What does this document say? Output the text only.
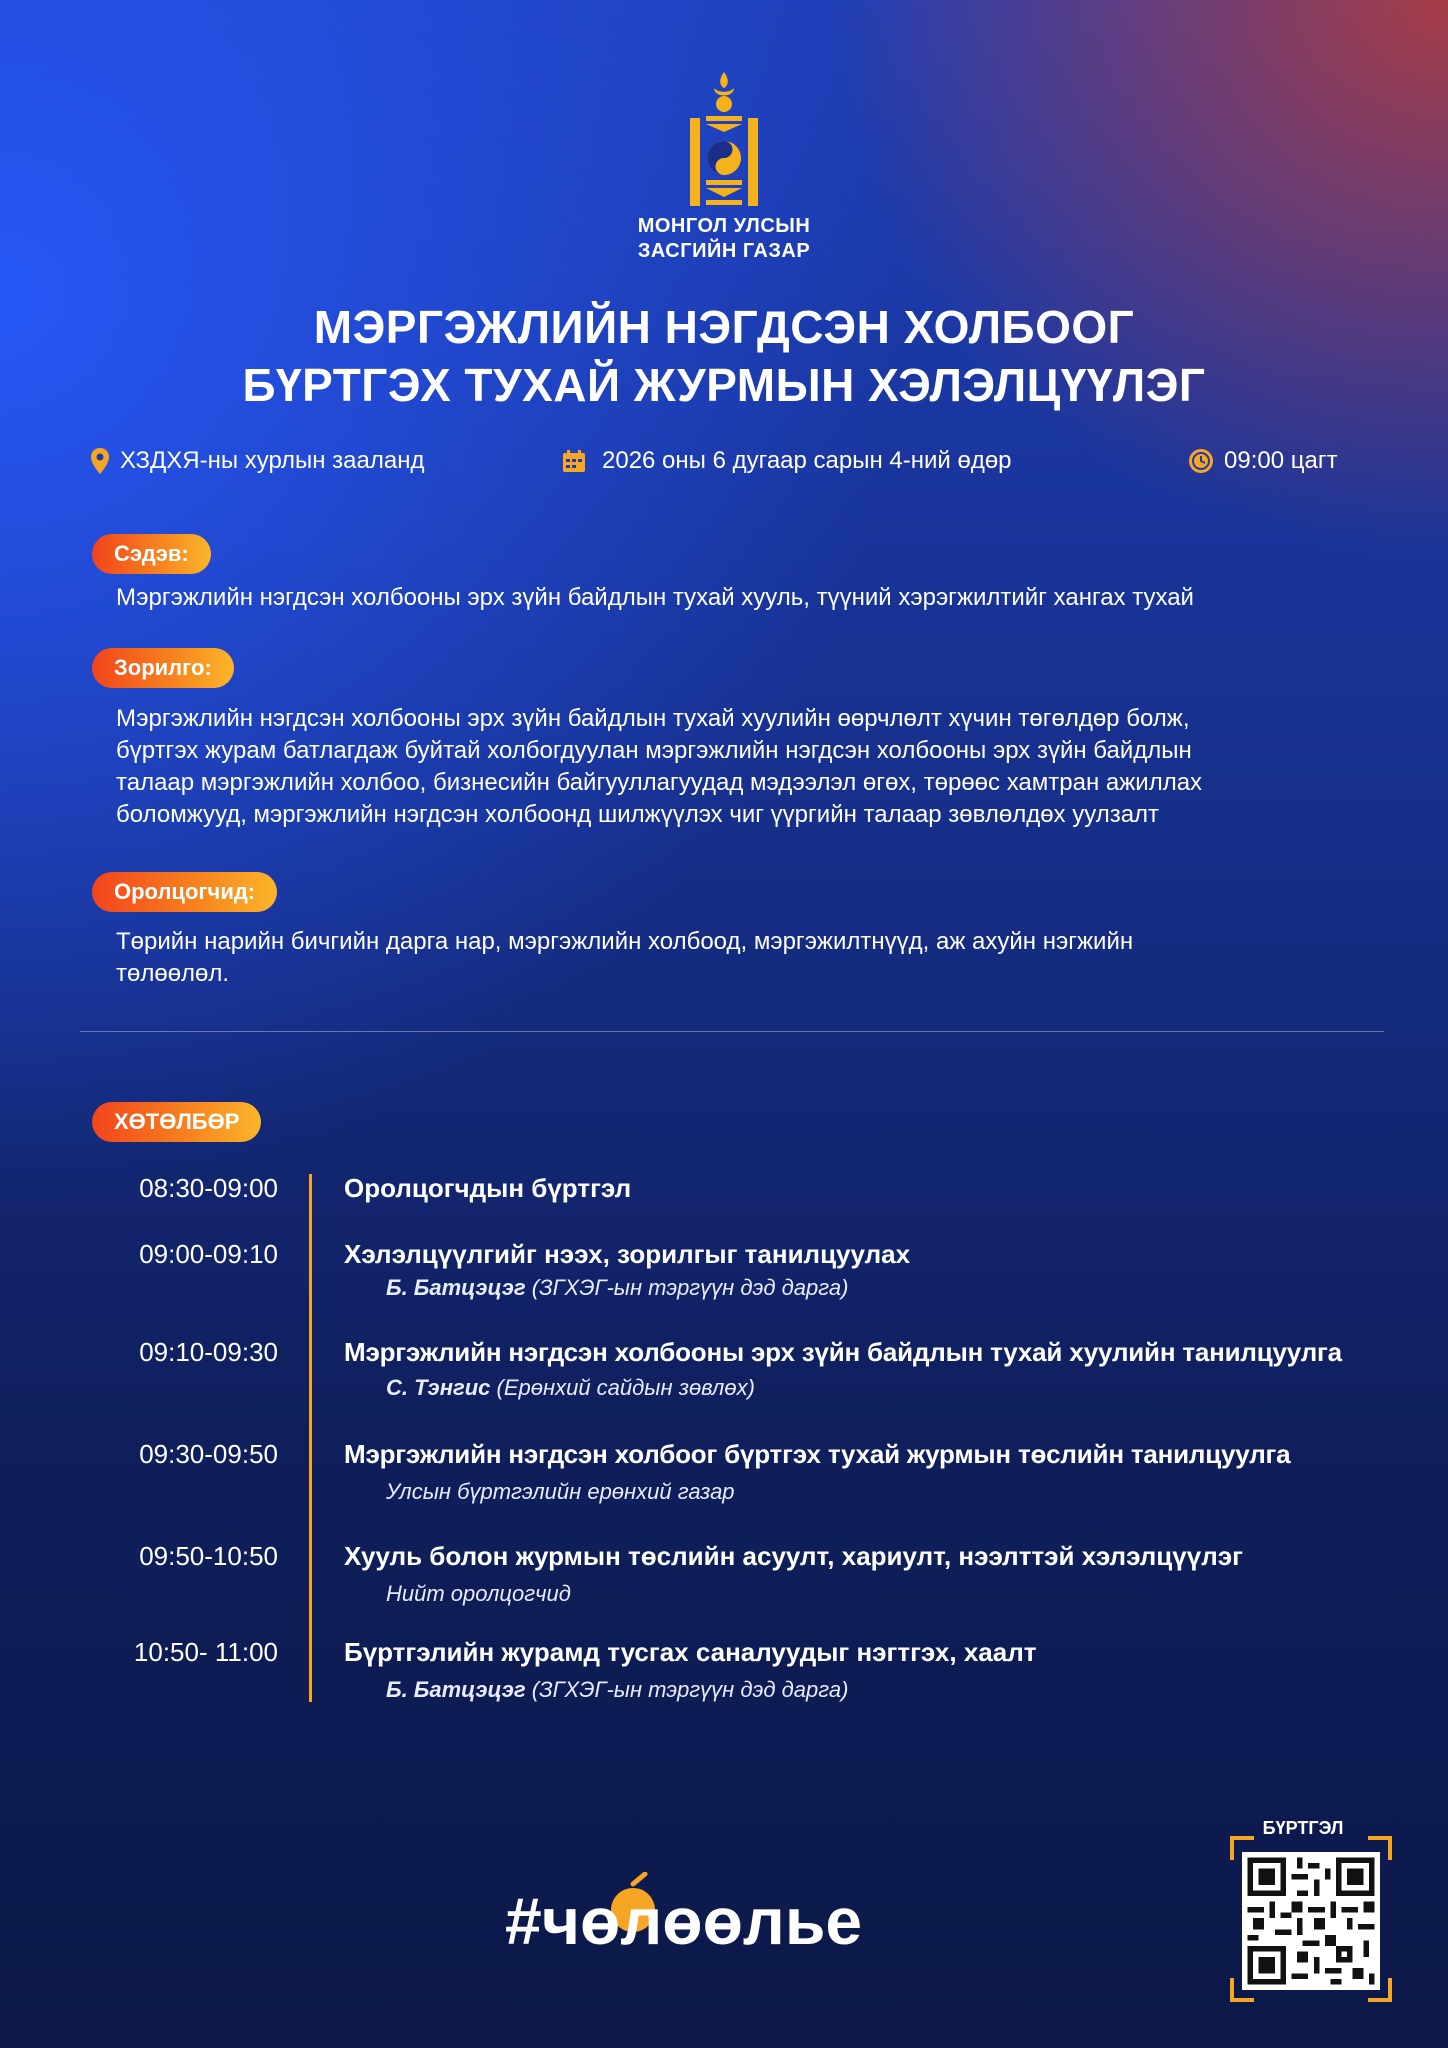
МОНГОЛ УЛСЫН
ЗАСГИЙН ГАЗАР
МЭРГЭЖЛИЙН НЭГДСЭН ХОЛБООГ
БҮРТГЭХ ТУХАЙ ЖУРМЫН ХЭЛЭЛЦҮҮЛЭГ
ХЗДХЯ-ны хурлын зааланд	2026 оны 6 дугаар сарын 4-ний өдөр	09:00 цагт
Сэдэв:
Мэргэжлийн нэгдсэн холбооны эрх зүйн байдлын тухай хууль, түүний хэрэгжилтийг хангах тухай
Зорилго:
Мэргэжлийн нэгдсэн холбооны эрх зүйн байдлын тухай хуулийн өөрчлөлт хүчин төгөлдөр болж,
бүртгэх журам батлагдаж буйтай холбогдуулан мэргэжлийн нэгдсэн холбооны эрх зүйн байдлын
талаар мэргэжлийн холбоо, бизнесийн байгууллагуудад мэдээлэл өгөх, төрөөс хамтран ажиллах
боломжууд, мэргэжлийн нэгдсэн холбоонд шилжүүлэх чиг үүргийн талаар зөвлөлдөх уулзалт
Оролцогчид:
Төрийн нарийн бичгийн дарга нар, мэргэжлийн холбоод, мэргэжилтнүүд, аж ахуйн нэгжийн
төлөөлөл.
ХӨТӨЛБӨР
08:30-09:00	Оролцогчдын бүртгэл
09:00-09:10	Хэлэлцүүлгийг нээх, зорилгыг танилцуулах
Б. Батцэцэг (ЗГХЭГ-ын тэргүүн дэд дарга)
09:10-09:30	Мэргэжлийн нэгдсэн холбооны эрх зүйн байдлын тухай хуулийн танилцуулга
С. Тэнгис (Ерөнхий сайдын зөвлөх)
09:30-09:50	Мэргэжлийн нэгдсэн холбоог бүртгэх тухай журмын төслийн танилцуулга
Улсын бүртгэлийн ерөнхий газар
09:50-10:50	Хууль болон журмын төслийн асуулт, хариулт, нээлттэй хэлэлцүүлэг
Нийт оролцогчид
10:50- 11:00	Бүртгэлийн журамд тусгах саналуудыг нэгтгэх, хаалт
Б. Батцэцэг (ЗГХЭГ-ын тэргүүн дэд дарга)
#чөлөөлье
БҮРТГЭЛ
